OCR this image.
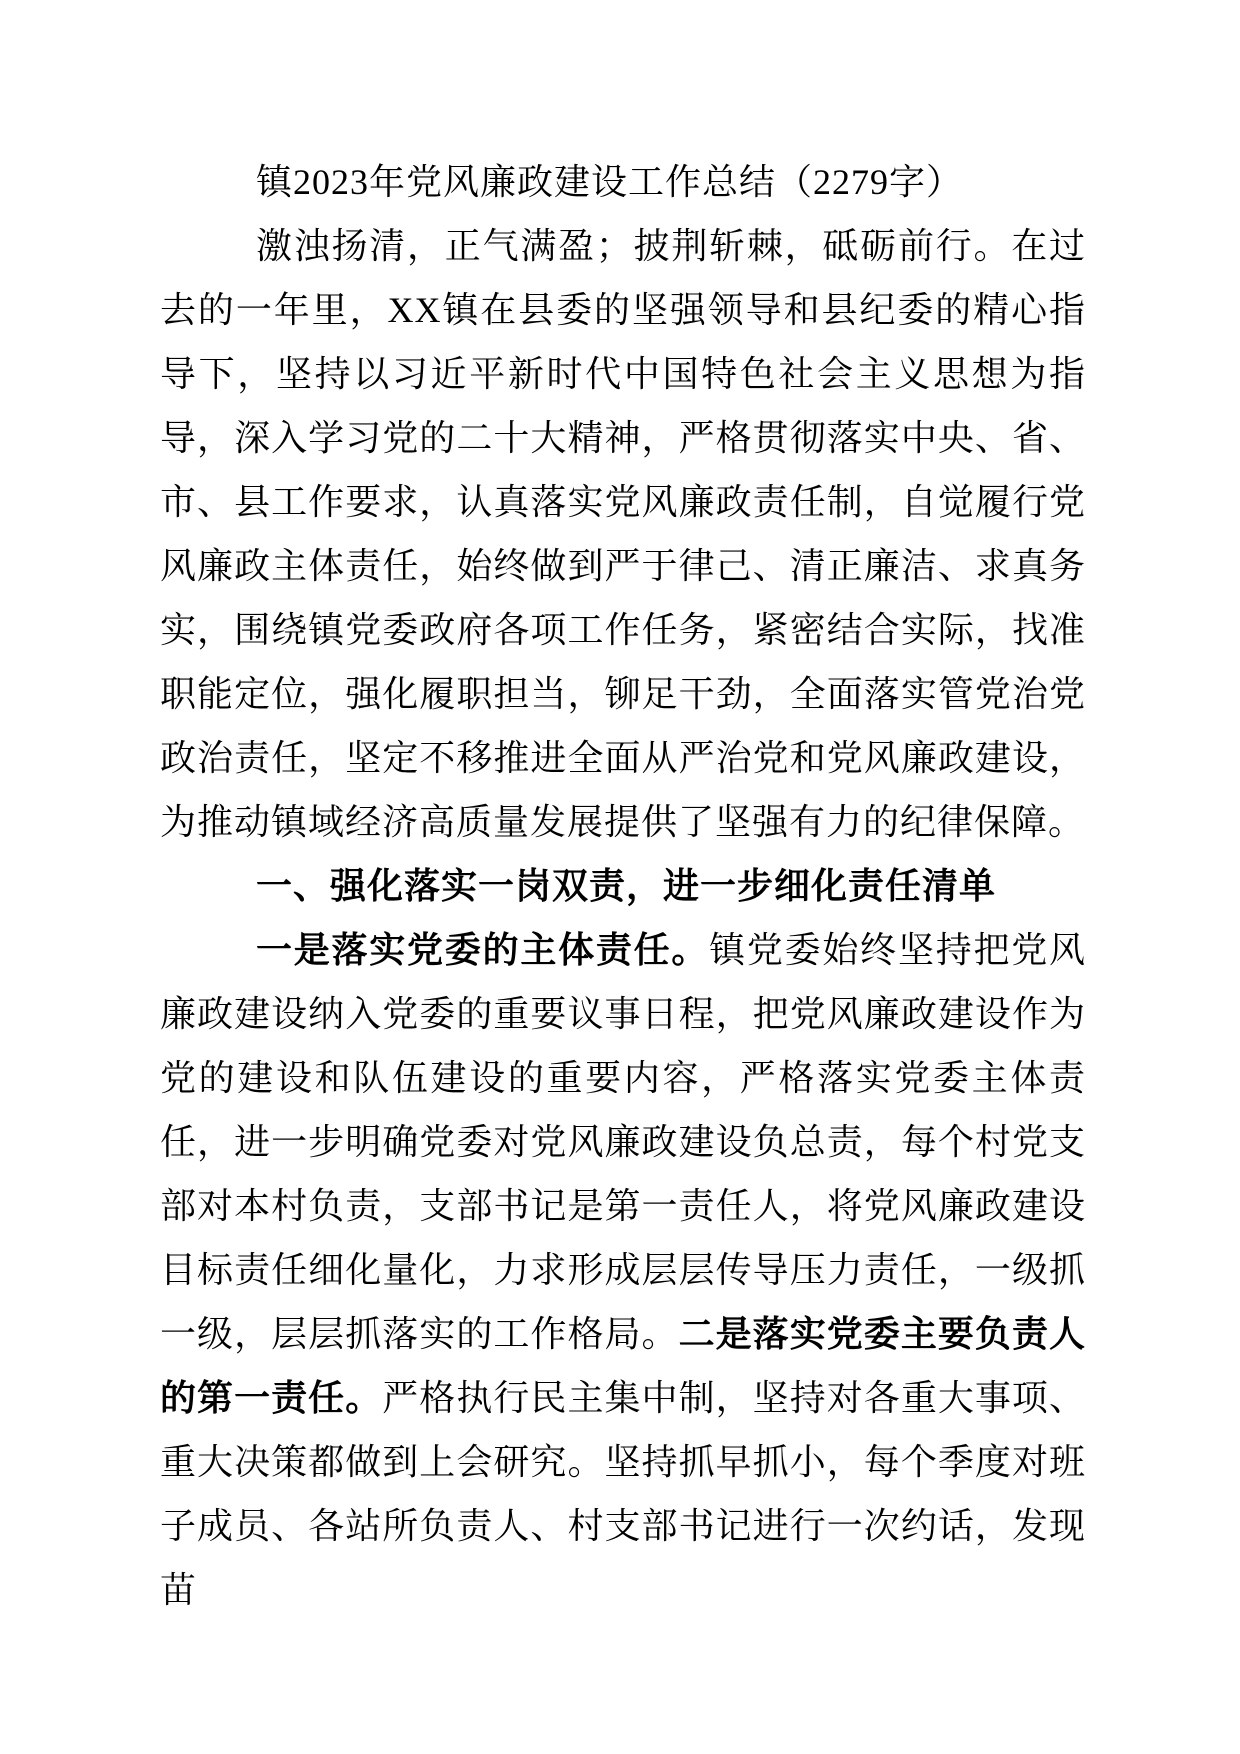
镇2023年党风廉政建设工作总结（2279字）

激浊扬清，正气满盈；披荆斩棘，砥砺前行。在过去的一年里，XX镇在县委的坚强领导和县纪委的精心指导下，坚持以习近平新时代中国特色社会主义思想为指导，深入学习党的二十大精神，严格贯彻落实中央、省、市、县工作要求，认真落实党风廉政责任制，自觉履行党风廉政主体责任，始终做到严于律己、清正廉洁、求真务实，围绕镇党委政府各项工作任务，紧密结合实际，找准职能定位，强化履职担当，铆足干劲，全面落实管党治党政治责任，坚定不移推进全面从严治党和党风廉政建设，为推动镇域经济高质量发展提供了坚强有力的纪律保障。

一、强化落实一岗双责，进一步细化责任清单

一是落实党委的主体责任。镇党委始终坚持把党风廉政建设纳入党委的重要议事日程，把党风廉政建设作为党的建设和队伍建设的重要内容，严格落实党委主体责任，进一步明确党委对党风廉政建设负总责，每个村党支部对本村负责，支部书记是第一责任人，将党风廉政建设目标责任细化量化，力求形成层层传导压力责任，一级抓一级，层层抓落实的工作格局。二是落实党委主要负责人的第一责任。严格执行民主集中制，坚持对各重大事项、重大决策都做到上会研究。坚持抓早抓小，每个季度对班子成员、各站所负责人、村支部书记进行一次约话，发现苗
